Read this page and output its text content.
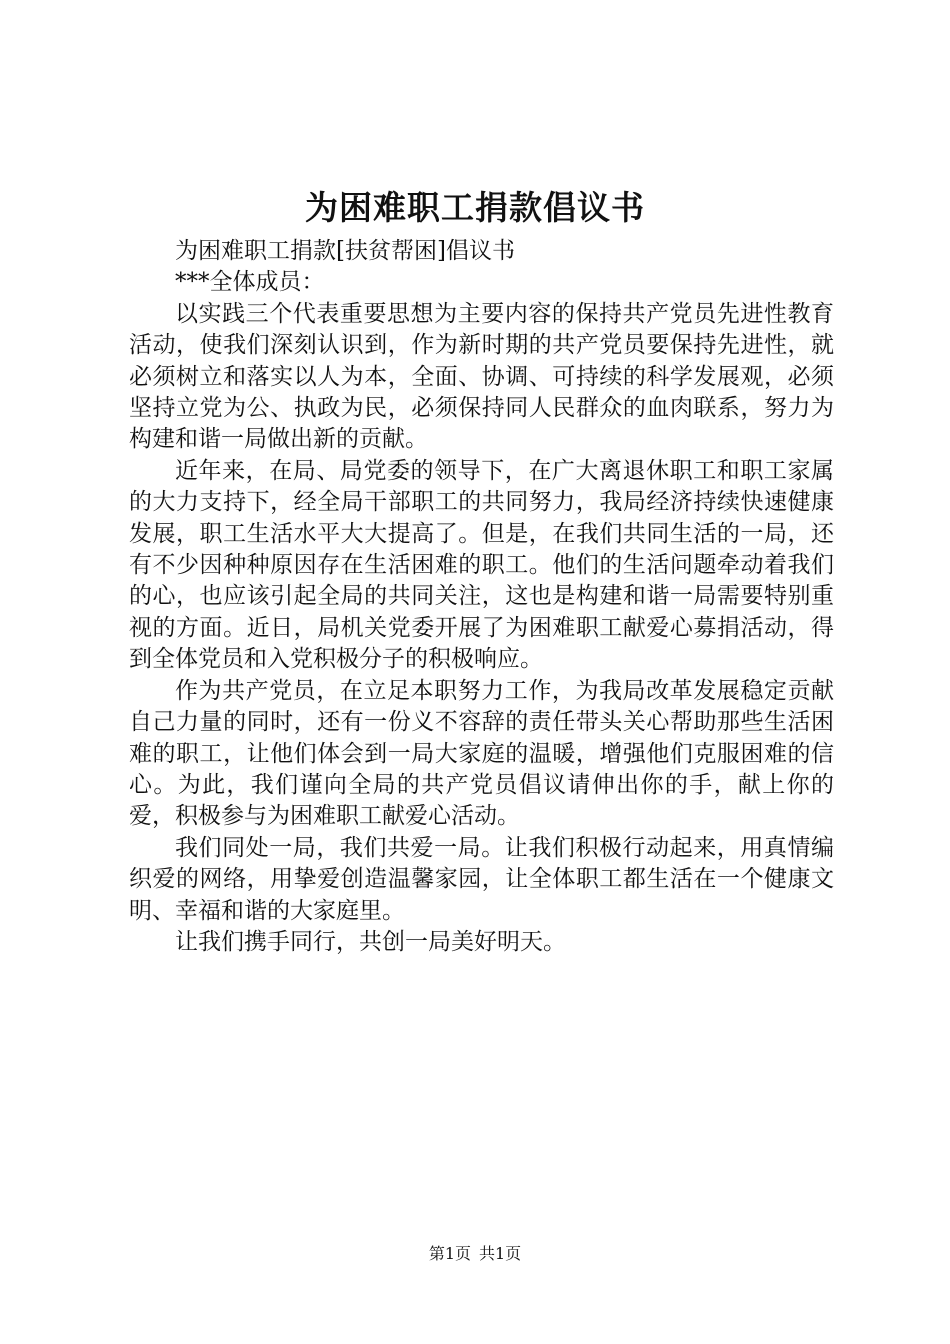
为困难职工捐款倡议书

为困难职工捐款[扶贫帮困]倡议书

***全体成员：

以实践三个代表重要思想为主要内容的保持共产党员先进性教育活动，使我们深刻认识到，作为新时期的共产党员要保持先进性，就必须树立和落实以人为本，全面、协调、可持续的科学发展观，必须坚持立党为公、执政为民，必须保持同人民群众的血肉联系，努力为构建和谐一局做出新的贡献。

近年来，在局、局党委的领导下，在广大离退休职工和职工家属的大力支持下，经全局干部职工的共同努力，我局经济持续快速健康发展，职工生活水平大大提高了。但是，在我们共同生活的一局，还有不少因种种原因存在生活困难的职工。他们的生活问题牵动着我们的心，也应该引起全局的共同关注，这也是构建和谐一局需要特别重视的方面。近日，局机关党委开展了为困难职工献爱心募捐活动，得到全体党员和入党积极分子的积极响应。

作为共产党员，在立足本职努力工作，为我局改革发展稳定贡献自己力量的同时，还有一份义不容辞的责任带头关心帮助那些生活困难的职工，让他们体会到一局大家庭的温暖，增强他们克服困难的信心。为此，我们谨向全局的共产党员倡议请伸出你的手，献上你的爱，积极参与为困难职工献爱心活动。

我们同处一局，我们共爱一局。让我们积极行动起来，用真情编织爱的网络，用挚爱创造温馨家园，让全体职工都生活在一个健康文明、幸福和谐的大家庭里。

让我们携手同行，共创一局美好明天。

第1页 共1页
